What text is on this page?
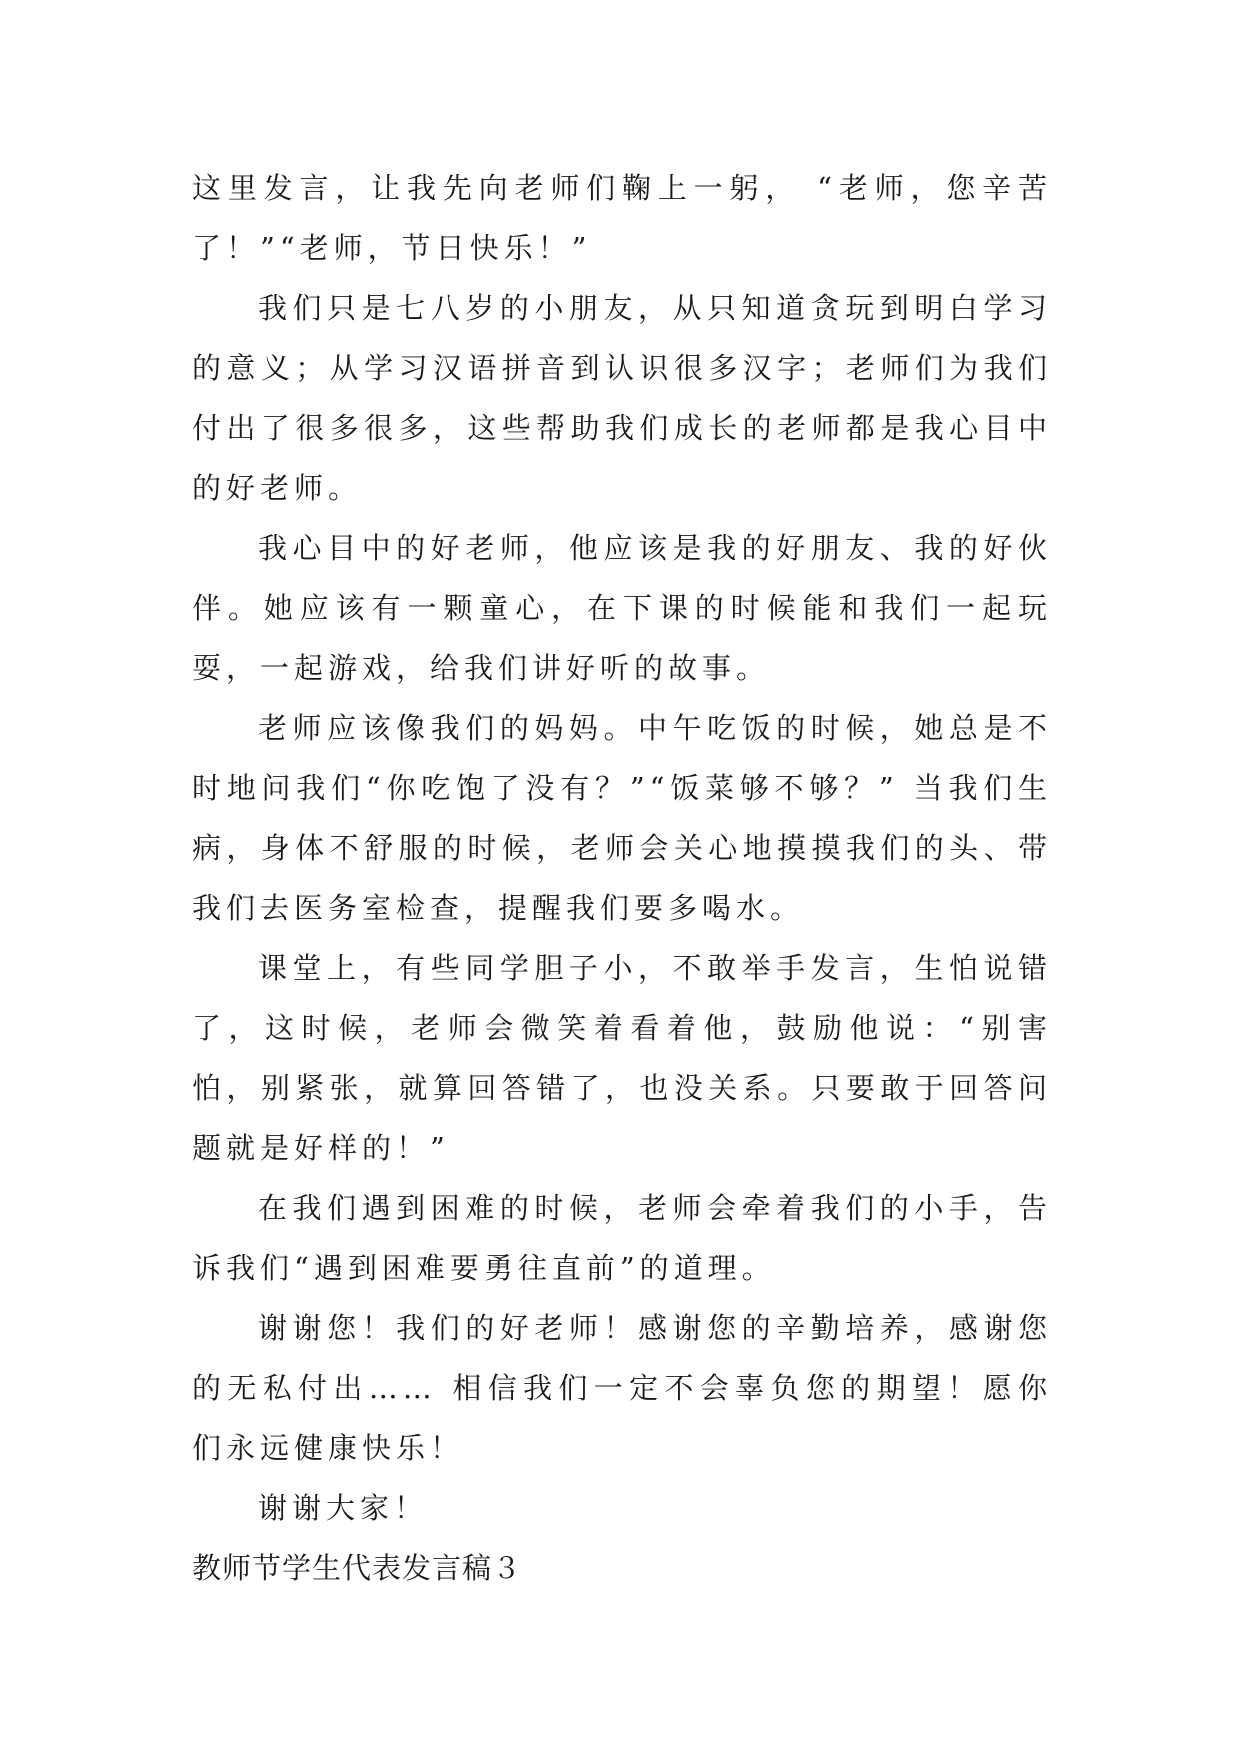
这里发言，让我先向老师们鞠上一躬， “老师，您辛苦了！”“老师，节日快乐！”

我们只是七八岁的小朋友，从只知道贪玩到明白学习的意义；从学习汉语拼音到认识很多汉字；老师们为我们付出了很多很多，这些帮助我们成长的老师都是我心目中的好老师。

我心目中的好老师，他应该是我的好朋友、我的好伙伴。她应该有一颗童心，在下课的时候能和我们一起玩耍，一起游戏，给我们讲好听的故事。

老师应该像我们的妈妈。中午吃饭的时候，她总是不时地问我们“你吃饱了没有？”“饭菜够不够？” 当我们生病，身体不舒服的时候，老师会关心地摸摸我们的头、带我们去医务室检查，提醒我们要多喝水。

课堂上，有些同学胆子小，不敢举手发言，生怕说错了，这时候，老师会微笑着看着他，鼓励他说：“别害怕，别紧张，就算回答错了，也没关系。只要敢于回答问题就是好样的！”

在我们遇到困难的时候，老师会牵着我们的小手，告诉我们“遇到困难要勇往直前”的道理。

谢谢您！我们的好老师！感谢您的辛勤培养，感谢您的无私付出…… 相信我们一定不会辜负您的期望！愿你们永远健康快乐！

谢谢大家！

教师节学生代表发言稿３
